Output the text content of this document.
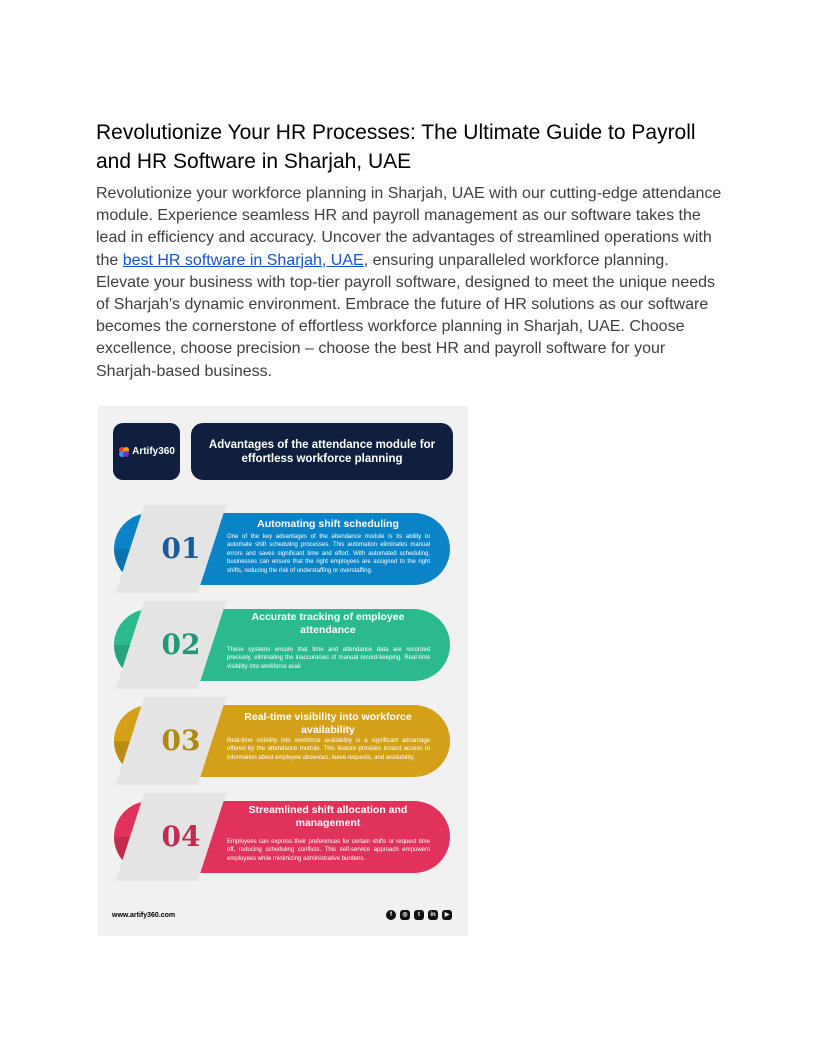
Revolutionize Your HR Processes: The Ultimate Guide to Payroll and HR Software in Sharjah, UAE

Revolutionize your workforce planning in Sharjah, UAE with our cutting-edge attendance module. Experience seamless HR and payroll management as our software takes the lead in efficiency and accuracy. Uncover the advantages of streamlined operations with the best HR software in Sharjah, UAE, ensuring unparalleled workforce planning. Elevate your business with top-tier payroll software, designed to meet the unique needs of Sharjah's dynamic environment. Embrace the future of HR solutions as our software becomes the cornerstone of effortless workforce planning in Sharjah, UAE. Choose excellence, choose precision – choose the best HR and payroll software for your Sharjah-based business.

Artify360
Advantages of the attendance module for effortless workforce planning
01
Automating shift scheduling
One of the key advantages of the attendance module is its ability to automate shift scheduling processes. This automation eliminates manual errors and saves significant time and effort. With automated scheduling, businesses can ensure that the right employees are assigned to the right shifts, reducing the risk of understaffing or overstaffing.
02
Accurate tracking of employee attendance
These systems ensure that time and attendance data are recorded precisely, eliminating the inaccuracies of manual record-keeping. Real-time visibility into workforce avail
03
Real-time visibility into workforce availability
Real-time visibility into workforce availability is a significant advantage offered by the attendance module. This feature provides instant access to information about employee absences, leave requests, and availability.
04
Streamlined shift allocation and management
Employees can express their preferences for certain shifts or request time off, reducing scheduling conflicts. This self-service approach empowers employees while minimizing administrative burdens.
www.artify360.com	f	◎	t	in	▶
